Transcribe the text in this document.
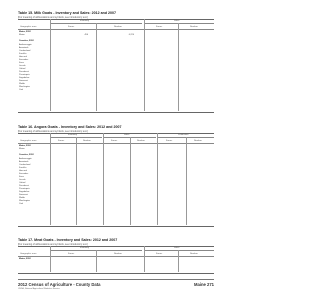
Table 15. Milk Goats - Inventory and Sales: 2012 and 2007
[For meaning of abbreviations and symbols, see introductory text.]
Inventory	Sales
Geographic area	Farms	Number	Farms	Number
Maine, 2012
Maine	496	6,224
Counties, 2012
Androscoggin
Aroostook
Cumberland
Franklin
Hancock
Kennebec
Knox
Lincoln
Oxford
Penobscot
Piscataquis
Sagadahoc
Somerset
Waldo
Washington
York
Table 16. Angora Goats - Inventory and Sales: 2012 and 2007
[For meaning of abbreviations and symbols, see introductory text.]
Inventory	Sales	Production
Geographic area	Farms	Number	Farms	Number	Farms	Number
Maine, 2012
Maine
Counties, 2012
Androscoggin
Aroostook
Cumberland
Franklin
Hancock
Kennebec
Knox
Lincoln
Oxford
Penobscot
Piscataquis
Sagadahoc
Somerset
Waldo
Washington
York
Table 17. Meat Goats - Inventory and Sales: 2012 and 2007
[For meaning of abbreviations and symbols, see introductory text.]
Inventory	Sales
Geographic area	Farms	Number	Farms	Number
Maine, 2012
2012 Census of Agriculture - County Data
USDA, National Agricultural Statistics Service
Maine 271
